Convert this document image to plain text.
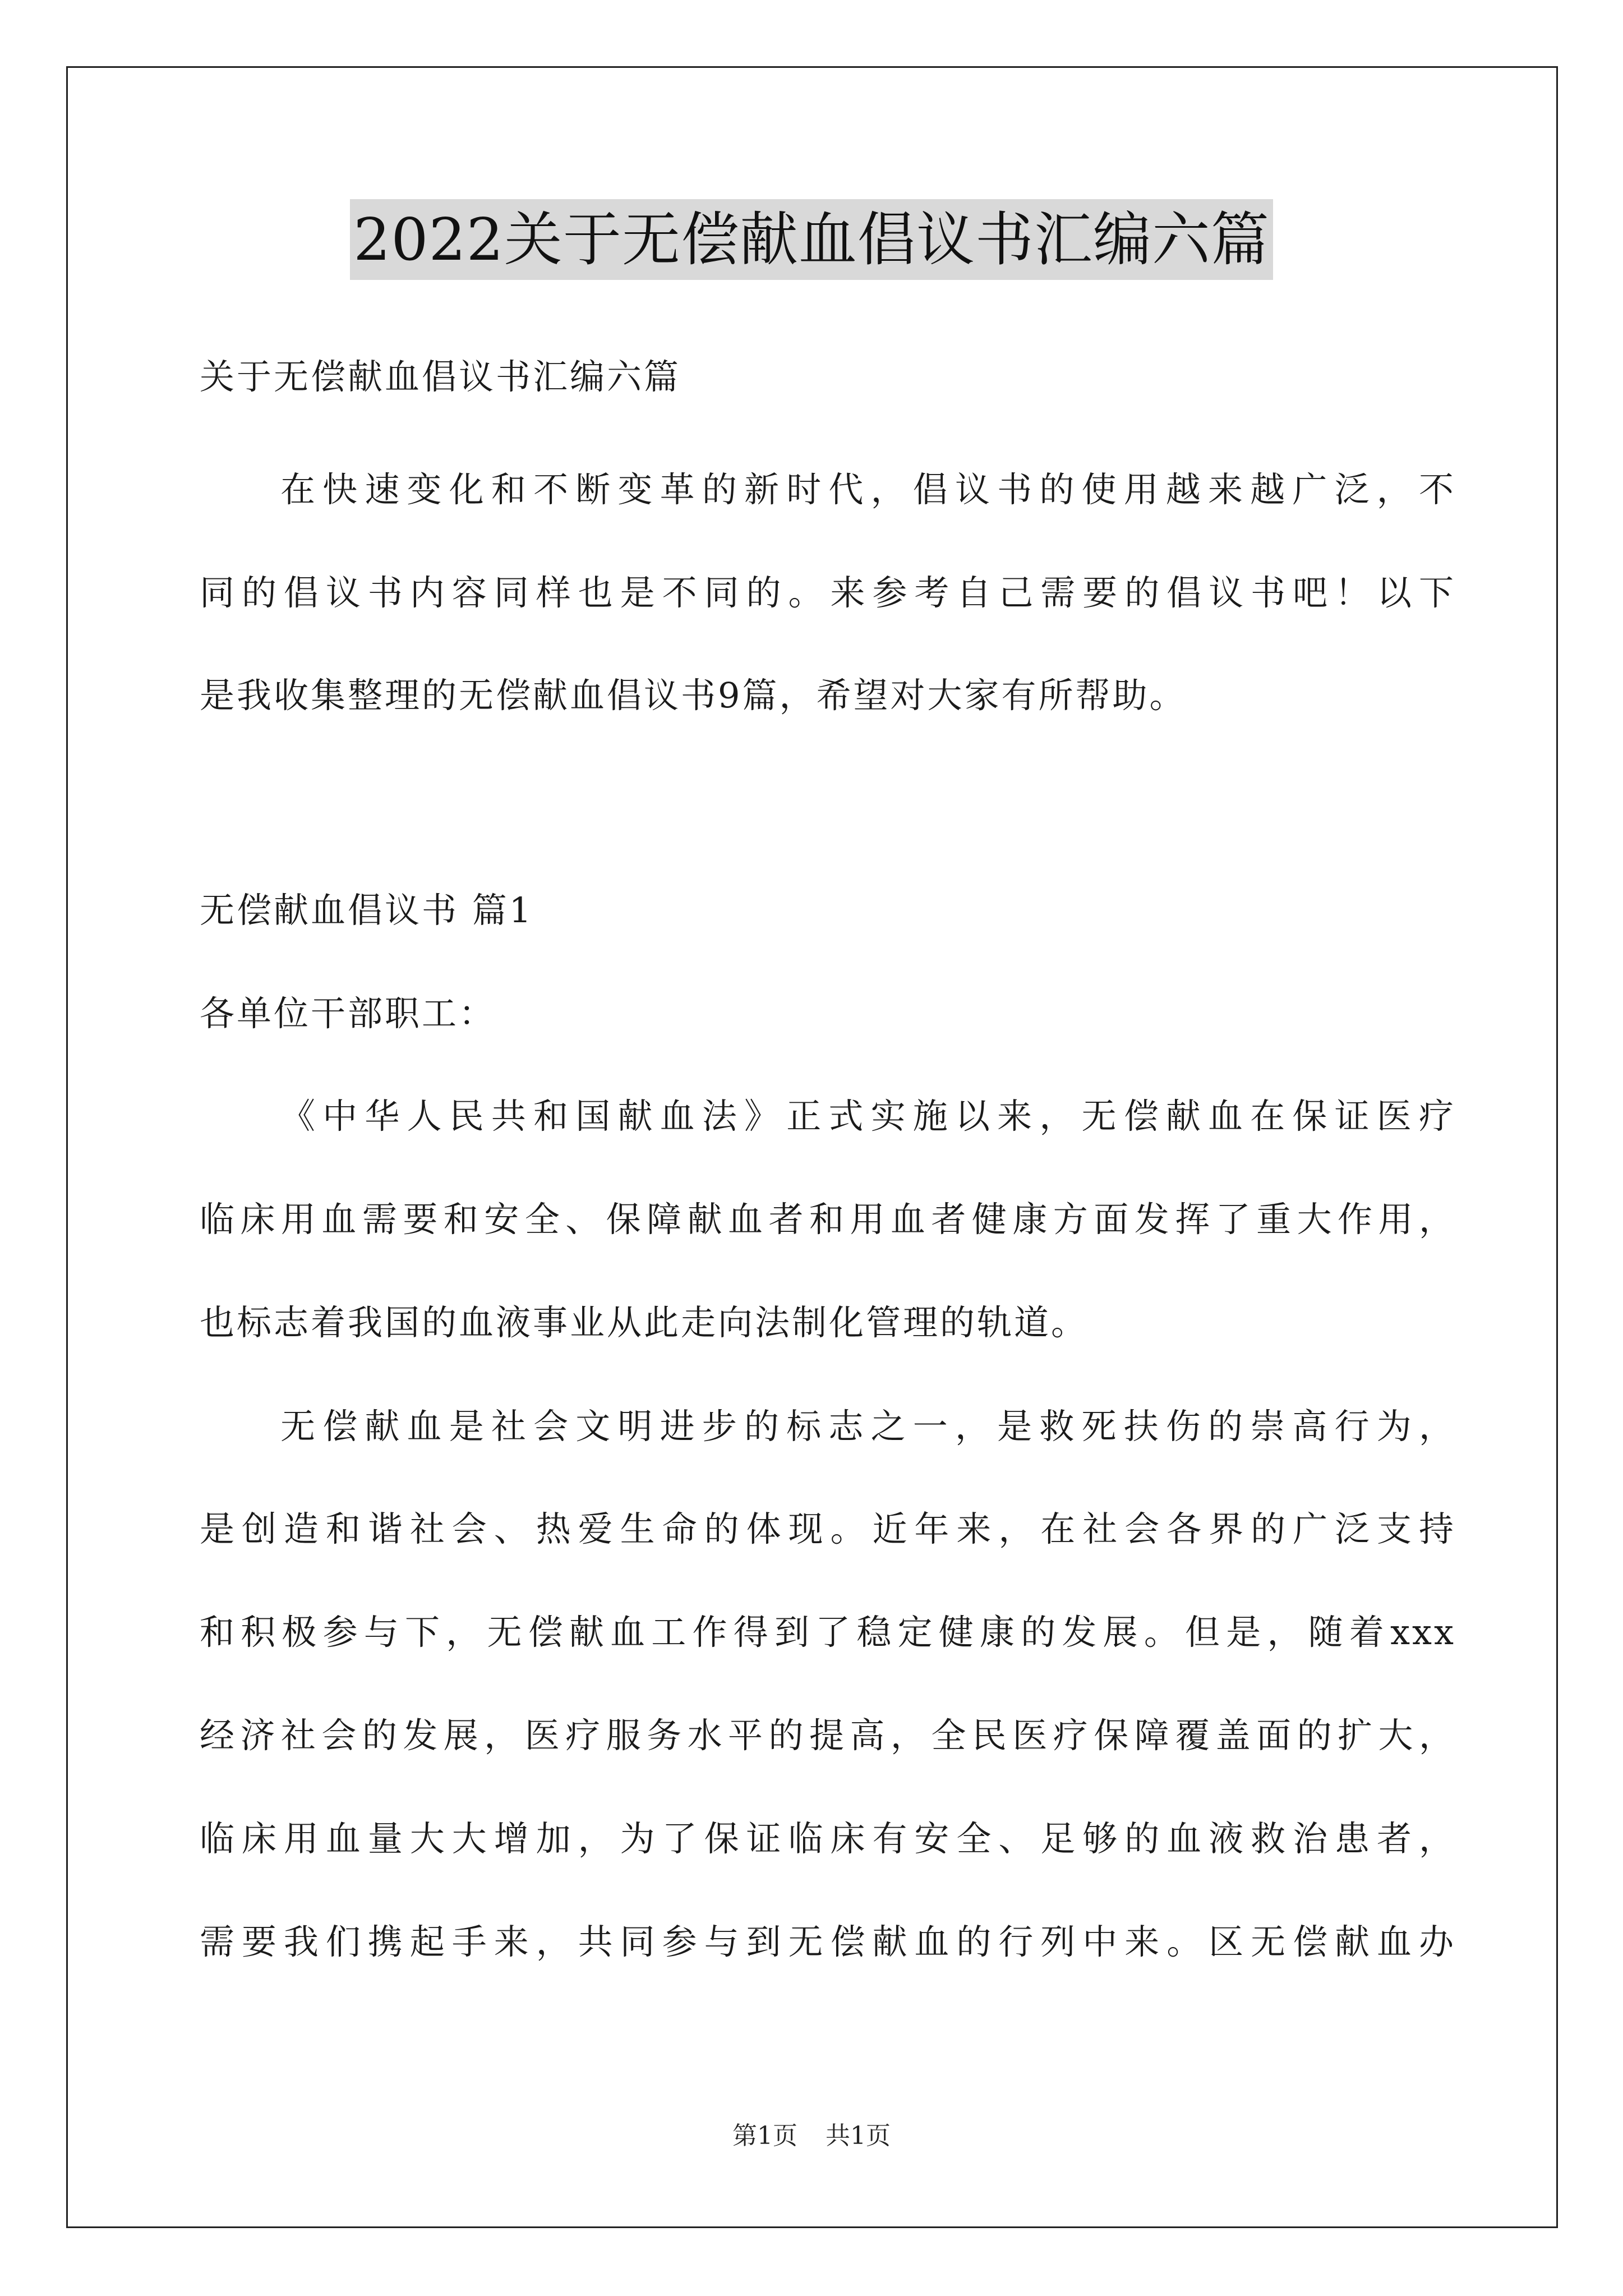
2022关于无偿献血倡议书汇编六篇
关于无偿献血倡议书汇编六篇
在快速变化和不断变革的新时代，倡议书的使用越来越广泛，不
同的倡议书内容同样也是不同的。来参考自己需要的倡议书吧！以下
是我收集整理的无偿献血倡议书9篇，希望对大家有所帮助。
无偿献血倡议书 篇1
各单位干部职工：
《中华人民共和国献血法》正式实施以来，无偿献血在保证医疗
临床用血需要和安全、保障献血者和用血者健康方面发挥了重大作用，
也标志着我国的血液事业从此走向法制化管理的轨道。
无偿献血是社会文明进步的标志之一，是救死扶伤的崇高行为，
是创造和谐社会、热爱生命的体现。近年来，在社会各界的广泛支持
和积极参与下，无偿献血工作得到了稳定健康的发展。但是，随着xxx
经济社会的发展，医疗服务水平的提高，全民医疗保障覆盖面的扩大，
临床用血量大大增加，为了保证临床有安全、足够的血液救治患者，
需要我们携起手来，共同参与到无偿献血的行列中来。区无偿献血办
第1页 共1页
